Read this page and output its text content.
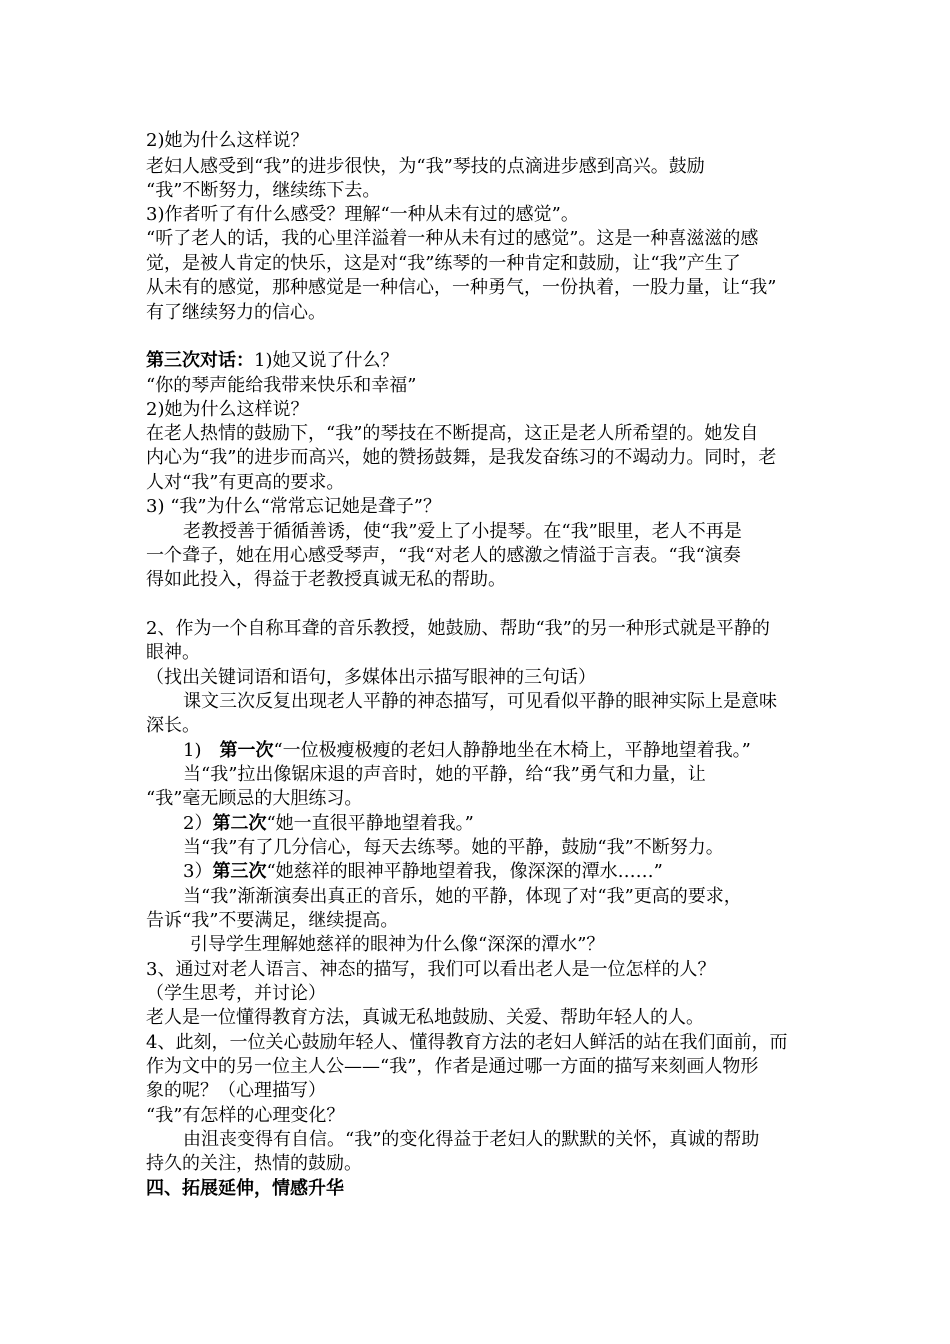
2)她为什么这样说？
老妇人感受到“我”的进步很快，为“我”琴技的点滴进步感到高兴。鼓励
“我”不断努力，继续练下去。
3)作者听了有什么感受？理解“一种从未有过的感觉”。
“听了老人的话，我的心里洋溢着一种从未有过的感觉”。这是一种喜滋滋的感
觉，是被人肯定的快乐，这是对“我”练琴的一种肯定和鼓励，让“我”产生了
从未有的感觉，那种感觉是一种信心，一种勇气，一份执着，一股力量，让“我”
有了继续努力的信心。
第三次对话：1)她又说了什么？
“你的琴声能给我带来快乐和幸福”
2)她为什么这样说？
在老人热情的鼓励下，“我”的琴技在不断提高，这正是老人所希望的。她发自
内心为“我”的进步而高兴，她的赞扬鼓舞，是我发奋练习的不竭动力。同时，老
人对“我”有更高的要求。
3) “我”为什么“常常忘记她是聋子”？
老教授善于循循善诱，使“我”爱上了小提琴。在“我”眼里，老人不再是
一个聋子，她在用心感受琴声，“我“对老人的感激之情溢于言表。“我“演奏
得如此投入，得益于老教授真诚无私的帮助。
2、作为一个自称耳聋的音乐教授，她鼓励、帮助“我”的另一种形式就是平静的
眼神。
（找出关键词语和语句，多媒体出示描写眼神的三句话）
课文三次反复出现老人平静的神态描写，可见看似平静的眼神实际上是意味
深长。
1)　第一次“一位极瘦极瘦的老妇人静静地坐在木椅上，平静地望着我。”
当“我”拉出像锯床退的声音时，她的平静，给“我”勇气和力量，让
“我”毫无顾忌的大胆练习。
2）第二次“她一直很平静地望着我。”
当“我”有了几分信心，每天去练琴。她的平静，鼓励“我”不断努力。
3）第三次“她慈祥的眼神平静地望着我，像深深的潭水……”
当“我”渐渐演奏出真正的音乐，她的平静，体现了对“我”更高的要求，
告诉“我”不要满足，继续提高。
引导学生理解她慈祥的眼神为什么像“深深的潭水”？
3、通过对老人语言、神态的描写，我们可以看出老人是一位怎样的人？
（学生思考，并讨论）
老人是一位懂得教育方法，真诚无私地鼓励、关爱、帮助年轻人的人。
4、此刻，一位关心鼓励年轻人、懂得教育方法的老妇人鲜活的站在我们面前，而
作为文中的另一位主人公——“我”，作者是通过哪一方面的描写来刻画人物形
象的呢？（心理描写）
“我”有怎样的心理变化？
由沮丧变得有自信。“我”的变化得益于老妇人的默默的关怀，真诚的帮助
持久的关注，热情的鼓励。
四、拓展延伸，情感升华
